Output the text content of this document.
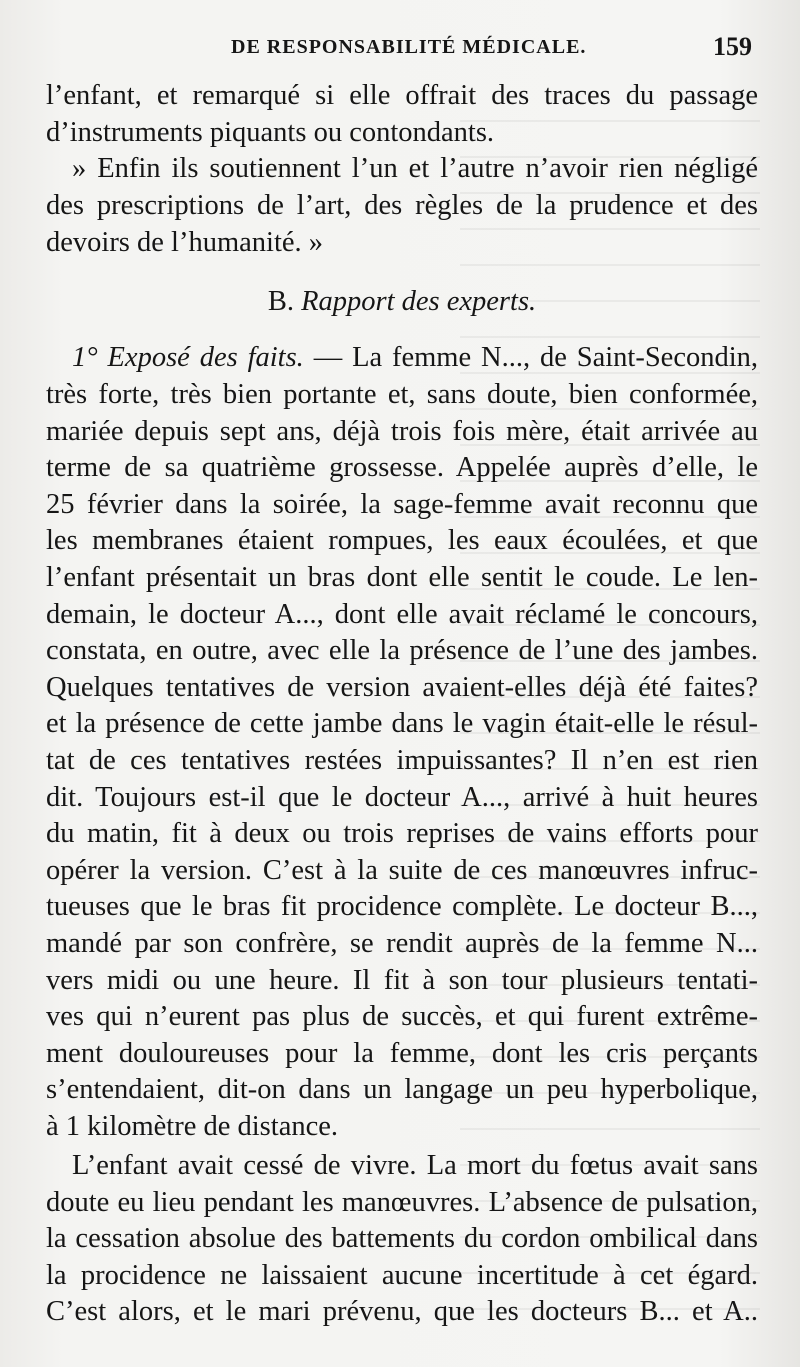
DE RESPONSABILITÉ MÉDICALE.	159
l’enfant, et remarqué si elle offrait des traces du passage
d’instruments piquants ou contondants.
» Enfin ils soutiennent l’un et l’autre n’avoir rien négligé
des prescriptions de l’art, des règles de la prudence et des
devoirs de l’humanité. »
B. Rapport des experts.
1° Exposé des faits. — La femme N..., de Saint-Secondin,
très forte, très bien portante et, sans doute, bien conformée,
mariée depuis sept ans, déjà trois fois mère, était arrivée au
terme de sa quatrième grossesse. Appelée auprès d’elle, le
25 février dans la soirée, la sage-femme avait reconnu que
les membranes étaient rompues, les eaux écoulées, et que
l’enfant présentait un bras dont elle sentit le coude. Le len-
demain, le docteur A..., dont elle avait réclamé le concours,
constata, en outre, avec elle la présence de l’une des jambes.
Quelques tentatives de version avaient-elles déjà été faites?
et la présence de cette jambe dans le vagin était-elle le résul-
tat de ces tentatives restées impuissantes? Il n’en est rien
dit. Toujours est-il que le docteur A..., arrivé à huit heures
du matin, fit à deux ou trois reprises de vains efforts pour
opérer la version. C’est à la suite de ces manœuvres infruc-
tueuses que le bras fit procidence complète. Le docteur B...,
mandé par son confrère, se rendit auprès de la femme N...
vers midi ou une heure. Il fit à son tour plusieurs tentati-
ves qui n’eurent pas plus de succès, et qui furent extrême-
ment douloureuses pour la femme, dont les cris perçants
s’entendaient, dit-on dans un langage un peu hyperbolique,
à 1 kilomètre de distance.
L’enfant avait cessé de vivre. La mort du fœtus avait sans
doute eu lieu pendant les manœuvres. L’absence de pulsation,
la cessation absolue des battements du cordon ombilical dans
la procidence ne laissaient aucune incertitude à cet égard.
C’est alors, et le mari prévenu, que les docteurs B... et A..
